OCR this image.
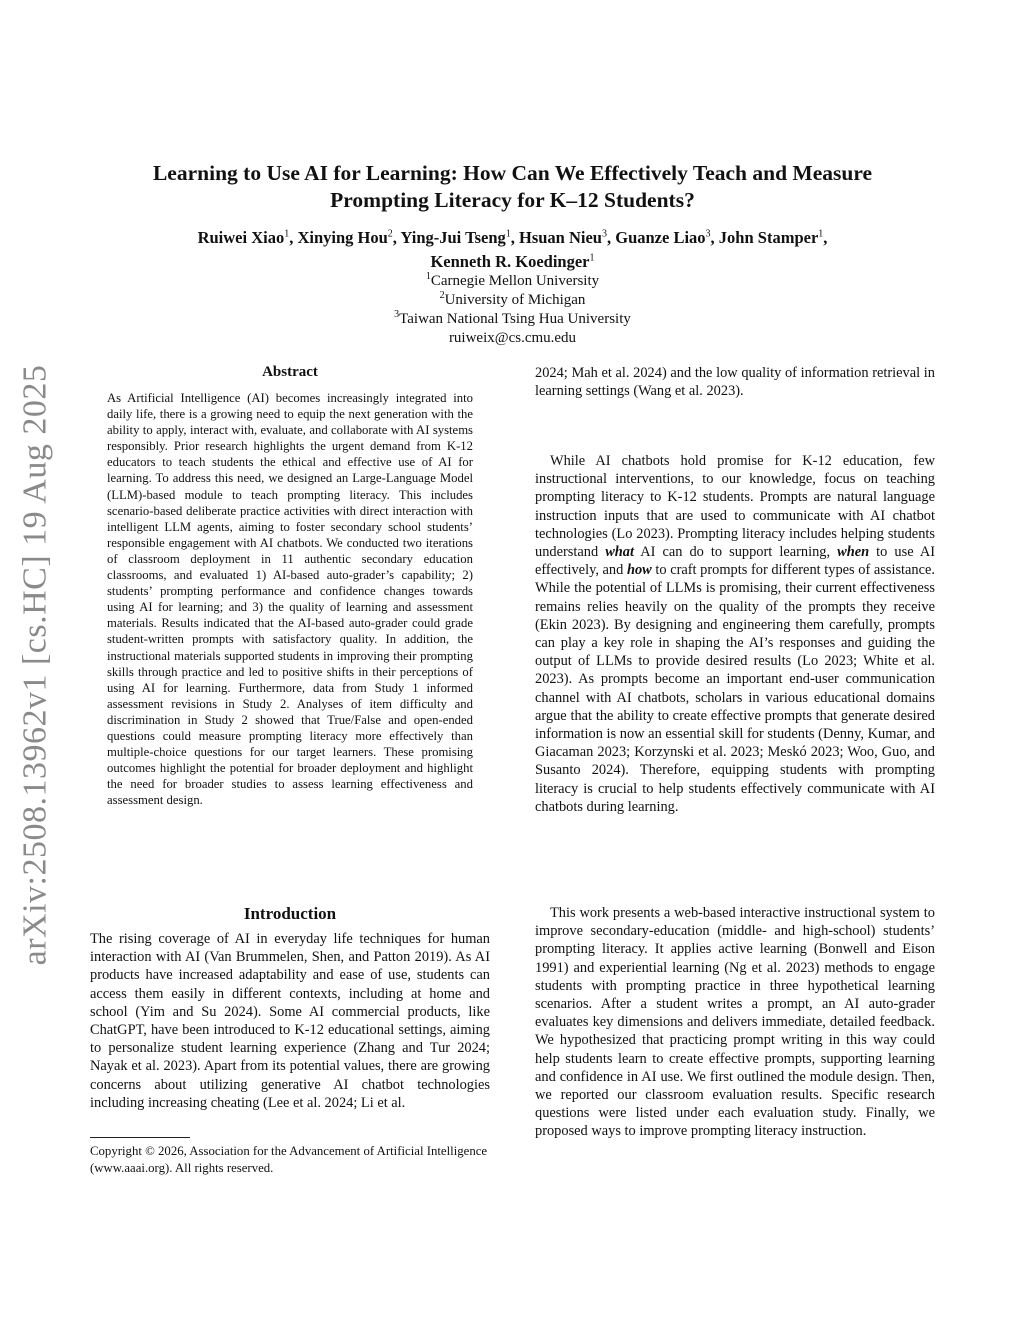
arXiv:2508.13962v1 [cs.HC] 19 Aug 2025
Learning to Use AI for Learning: How Can We Effectively Teach and Measure
Prompting Literacy for K–12 Students?
Ruiwei Xiao$^1$, Xinying Hou$^2$, Ying-Jui Tseng$^1$, Hsuan Nieu$^3$, Guanze Liao$^3$, John Stamper$^1$,
Kenneth R. Koedinger$^1$
$^1$Carnegie Mellon University
$^2$University of Michigan
$^3$Taiwan National Tsing Hua University
ruiweix@cs.cmu.edu
Abstract
As Artificial Intelligence (AI) becomes increasingly integrated into daily life, there is a growing need to equip the next generation with the ability to apply, interact with, evaluate, and collaborate with AI systems responsibly. Prior research highlights the urgent demand from K-12 educators to teach students the ethical and effective use of AI for learning. To address this need, we designed an Large-Language Model (LLM)-based module to teach prompting literacy. This includes scenario-based deliberate practice activities with direct interaction with intelligent LLM agents, aiming to foster secondary school students’ responsible engagement with AI chatbots. We conducted two iterations of classroom deployment in 11 authentic secondary education classrooms, and evaluated 1) AI-based auto-grader’s capability; 2) students’ prompting performance and confidence changes towards using AI for learning; and 3) the quality of learning and assessment materials. Results indicated that the AI-based auto-grader could grade student-written prompts with satisfactory quality. In addition, the instructional materials supported students in improving their prompting skills through practice and led to positive shifts in their perceptions of using AI for learning. Furthermore, data from Study 1 informed assessment revisions in Study 2. Analyses of item difficulty and discrimination in Study 2 showed that True/False and open-ended questions could measure prompting literacy more effectively than multiple-choice questions for our target learners. These promising outcomes highlight the potential for broader deployment and highlight the need for broader studies to assess learning effectiveness and assessment design.
Introduction
The rising coverage of AI in everyday life techniques for human interaction with AI (Van Brummelen, Shen, and Patton 2019). As AI products have increased adaptability and ease of use, students can access them easily in different contexts, including at home and school (Yim and Su 2024). Some AI commercial products, like ChatGPT, have been introduced to K-12 educational settings, aiming to personalize student learning experience (Zhang and Tur 2024; Nayak et al. 2023). Apart from its potential values, there are growing concerns about utilizing generative AI chatbot technologies including increasing cheating (Lee et al. 2024; Li et al.
Copyright © 2026, Association for the Advancement of Artificial Intelligence (www.aaai.org). All rights reserved.
2024; Mah et al. 2024) and the low quality of information retrieval in learning settings (Wang et al. 2023).
While AI chatbots hold promise for K-12 education, few instructional interventions, to our knowledge, focus on teaching prompting literacy to K-12 students. Prompts are natural language instruction inputs that are used to communicate with AI chatbot technologies (Lo 2023). Prompting literacy includes helping students understand what AI can do to support learning, when to use AI effectively, and how to craft prompts for different types of assistance. While the potential of LLMs is promising, their current effectiveness remains relies heavily on the quality of the prompts they receive (Ekin 2023). By designing and engineering them carefully, prompts can play a key role in shaping the AI’s responses and guiding the output of LLMs to provide desired results (Lo 2023; White et al. 2023). As prompts become an important end-user communication channel with AI chatbots, scholars in various educational domains argue that the ability to create effective prompts that generate desired information is now an essential skill for students (Denny, Kumar, and Giacaman 2023; Korzynski et al. 2023; Meskó 2023; Woo, Guo, and Susanto 2024). Therefore, equipping students with prompting literacy is crucial to help students effectively communicate with AI chatbots during learning.
This work presents a web-based interactive instructional system to improve secondary-education (middle- and high-school) students’ prompting literacy. It applies active learning (Bonwell and Eison 1991) and experiential learning (Ng et al. 2023) methods to engage students with prompting practice in three hypothetical learning scenarios. After a student writes a prompt, an AI auto-grader evaluates key dimensions and delivers immediate, detailed feedback. We hypothesized that practicing prompt writing in this way could help students learn to create effective prompts, supporting learning and confidence in AI use. We first outlined the module design. Then, we reported our classroom evaluation results. Specific research questions were listed under each evaluation study. Finally, we proposed ways to improve prompting literacy instruction.
